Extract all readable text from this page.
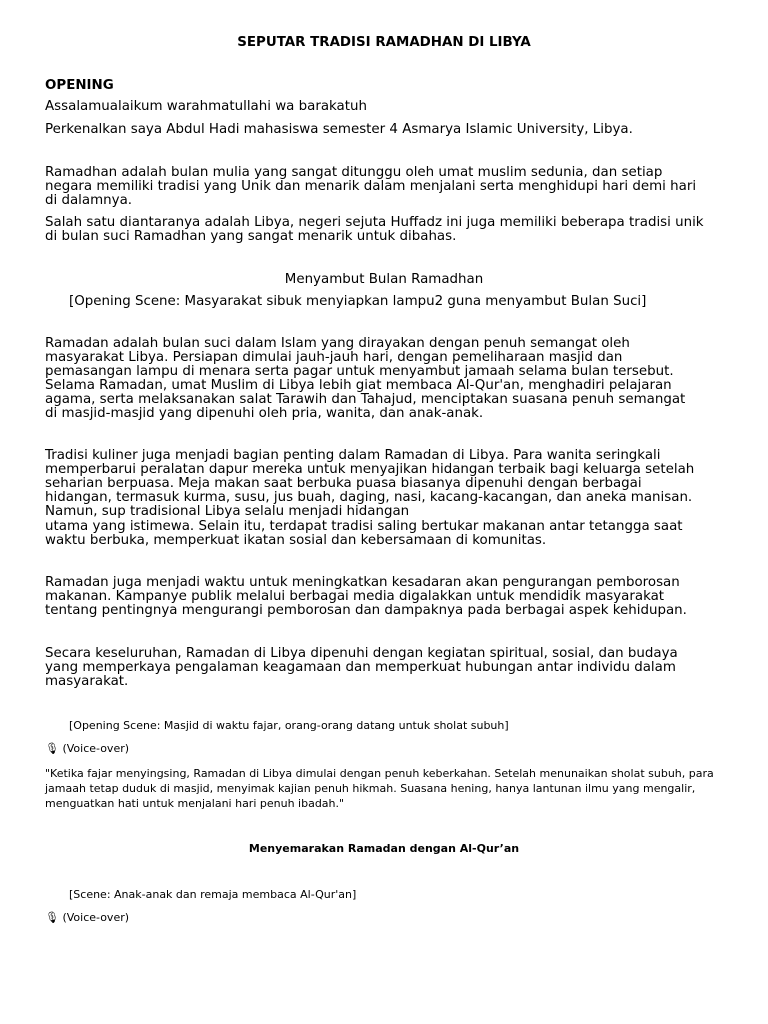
SEPUTAR TRADISI RAMADHAN DI LIBYA
OPENING
Assalamualaikum warahmatullahi wa barakatuh
Perkenalkan saya Abdul Hadi mahasiswa semester 4 Asmarya Islamic University, Libya.
Ramadhan adalah bulan mulia yang sangat ditunggu oleh umat muslim sedunia, dan setiap
negara memiliki tradisi yang Unik dan menarik dalam menjalani serta menghidupi hari demi hari
di dalamnya.
Salah satu diantaranya adalah Libya, negeri sejuta Huffadz ini juga memiliki beberapa tradisi unik
di bulan suci Ramadhan yang sangat menarik untuk dibahas.
Menyambut Bulan Ramadhan
[Opening Scene: Masyarakat sibuk menyiapkan lampu2 guna menyambut Bulan Suci]
Ramadan adalah bulan suci dalam Islam yang dirayakan dengan penuh semangat oleh
masyarakat Libya. Persiapan dimulai jauh-jauh hari, dengan pemeliharaan masjid dan
pemasangan lampu di menara serta pagar untuk menyambut jamaah selama bulan tersebut.
Selama Ramadan, umat Muslim di Libya lebih giat membaca Al-Qur'an, menghadiri pelajaran
agama, serta melaksanakan salat Tarawih dan Tahajud, menciptakan suasana penuh semangat
di masjid-masjid yang dipenuhi oleh pria, wanita, dan anak-anak.
Tradisi kuliner juga menjadi bagian penting dalam Ramadan di Libya. Para wanita seringkali
memperbarui peralatan dapur mereka untuk menyajikan hidangan terbaik bagi keluarga setelah
seharian berpuasa. Meja makan saat berbuka puasa biasanya dipenuhi dengan berbagai
hidangan, termasuk kurma, susu, jus buah, daging, nasi, kacang-kacangan, dan aneka manisan.
Namun, sup tradisional Libya selalu menjadi hidangan
utama yang istimewa. Selain itu, terdapat tradisi saling bertukar makanan antar tetangga saat
waktu berbuka, memperkuat ikatan sosial dan kebersamaan di komunitas.
Ramadan juga menjadi waktu untuk meningkatkan kesadaran akan pengurangan pemborosan
makanan. Kampanye publik melalui berbagai media digalakkan untuk mendidik masyarakat
tentang pentingnya mengurangi pemborosan dan dampaknya pada berbagai aspek kehidupan.
Secara keseluruhan, Ramadan di Libya dipenuhi dengan kegiatan spiritual, sosial, dan budaya
yang memperkaya pengalaman keagamaan dan memperkuat hubungan antar individu dalam
masyarakat.
[Opening Scene: Masjid di waktu fajar, orang-orang datang untuk sholat subuh]
🎙 (Voice-over)
"Ketika fajar menyingsing, Ramadan di Libya dimulai dengan penuh keberkahan. Setelah menunaikan sholat subuh, para
jamaah tetap duduk di masjid, menyimak kajian penuh hikmah. Suasana hening, hanya lantunan ilmu yang mengalir,
menguatkan hati untuk menjalani hari penuh ibadah."
Menyemarakan Ramadan dengan Al-Qur’an
[Scene: Anak-anak dan remaja membaca Al-Qur'an]
🎙 (Voice-over)
